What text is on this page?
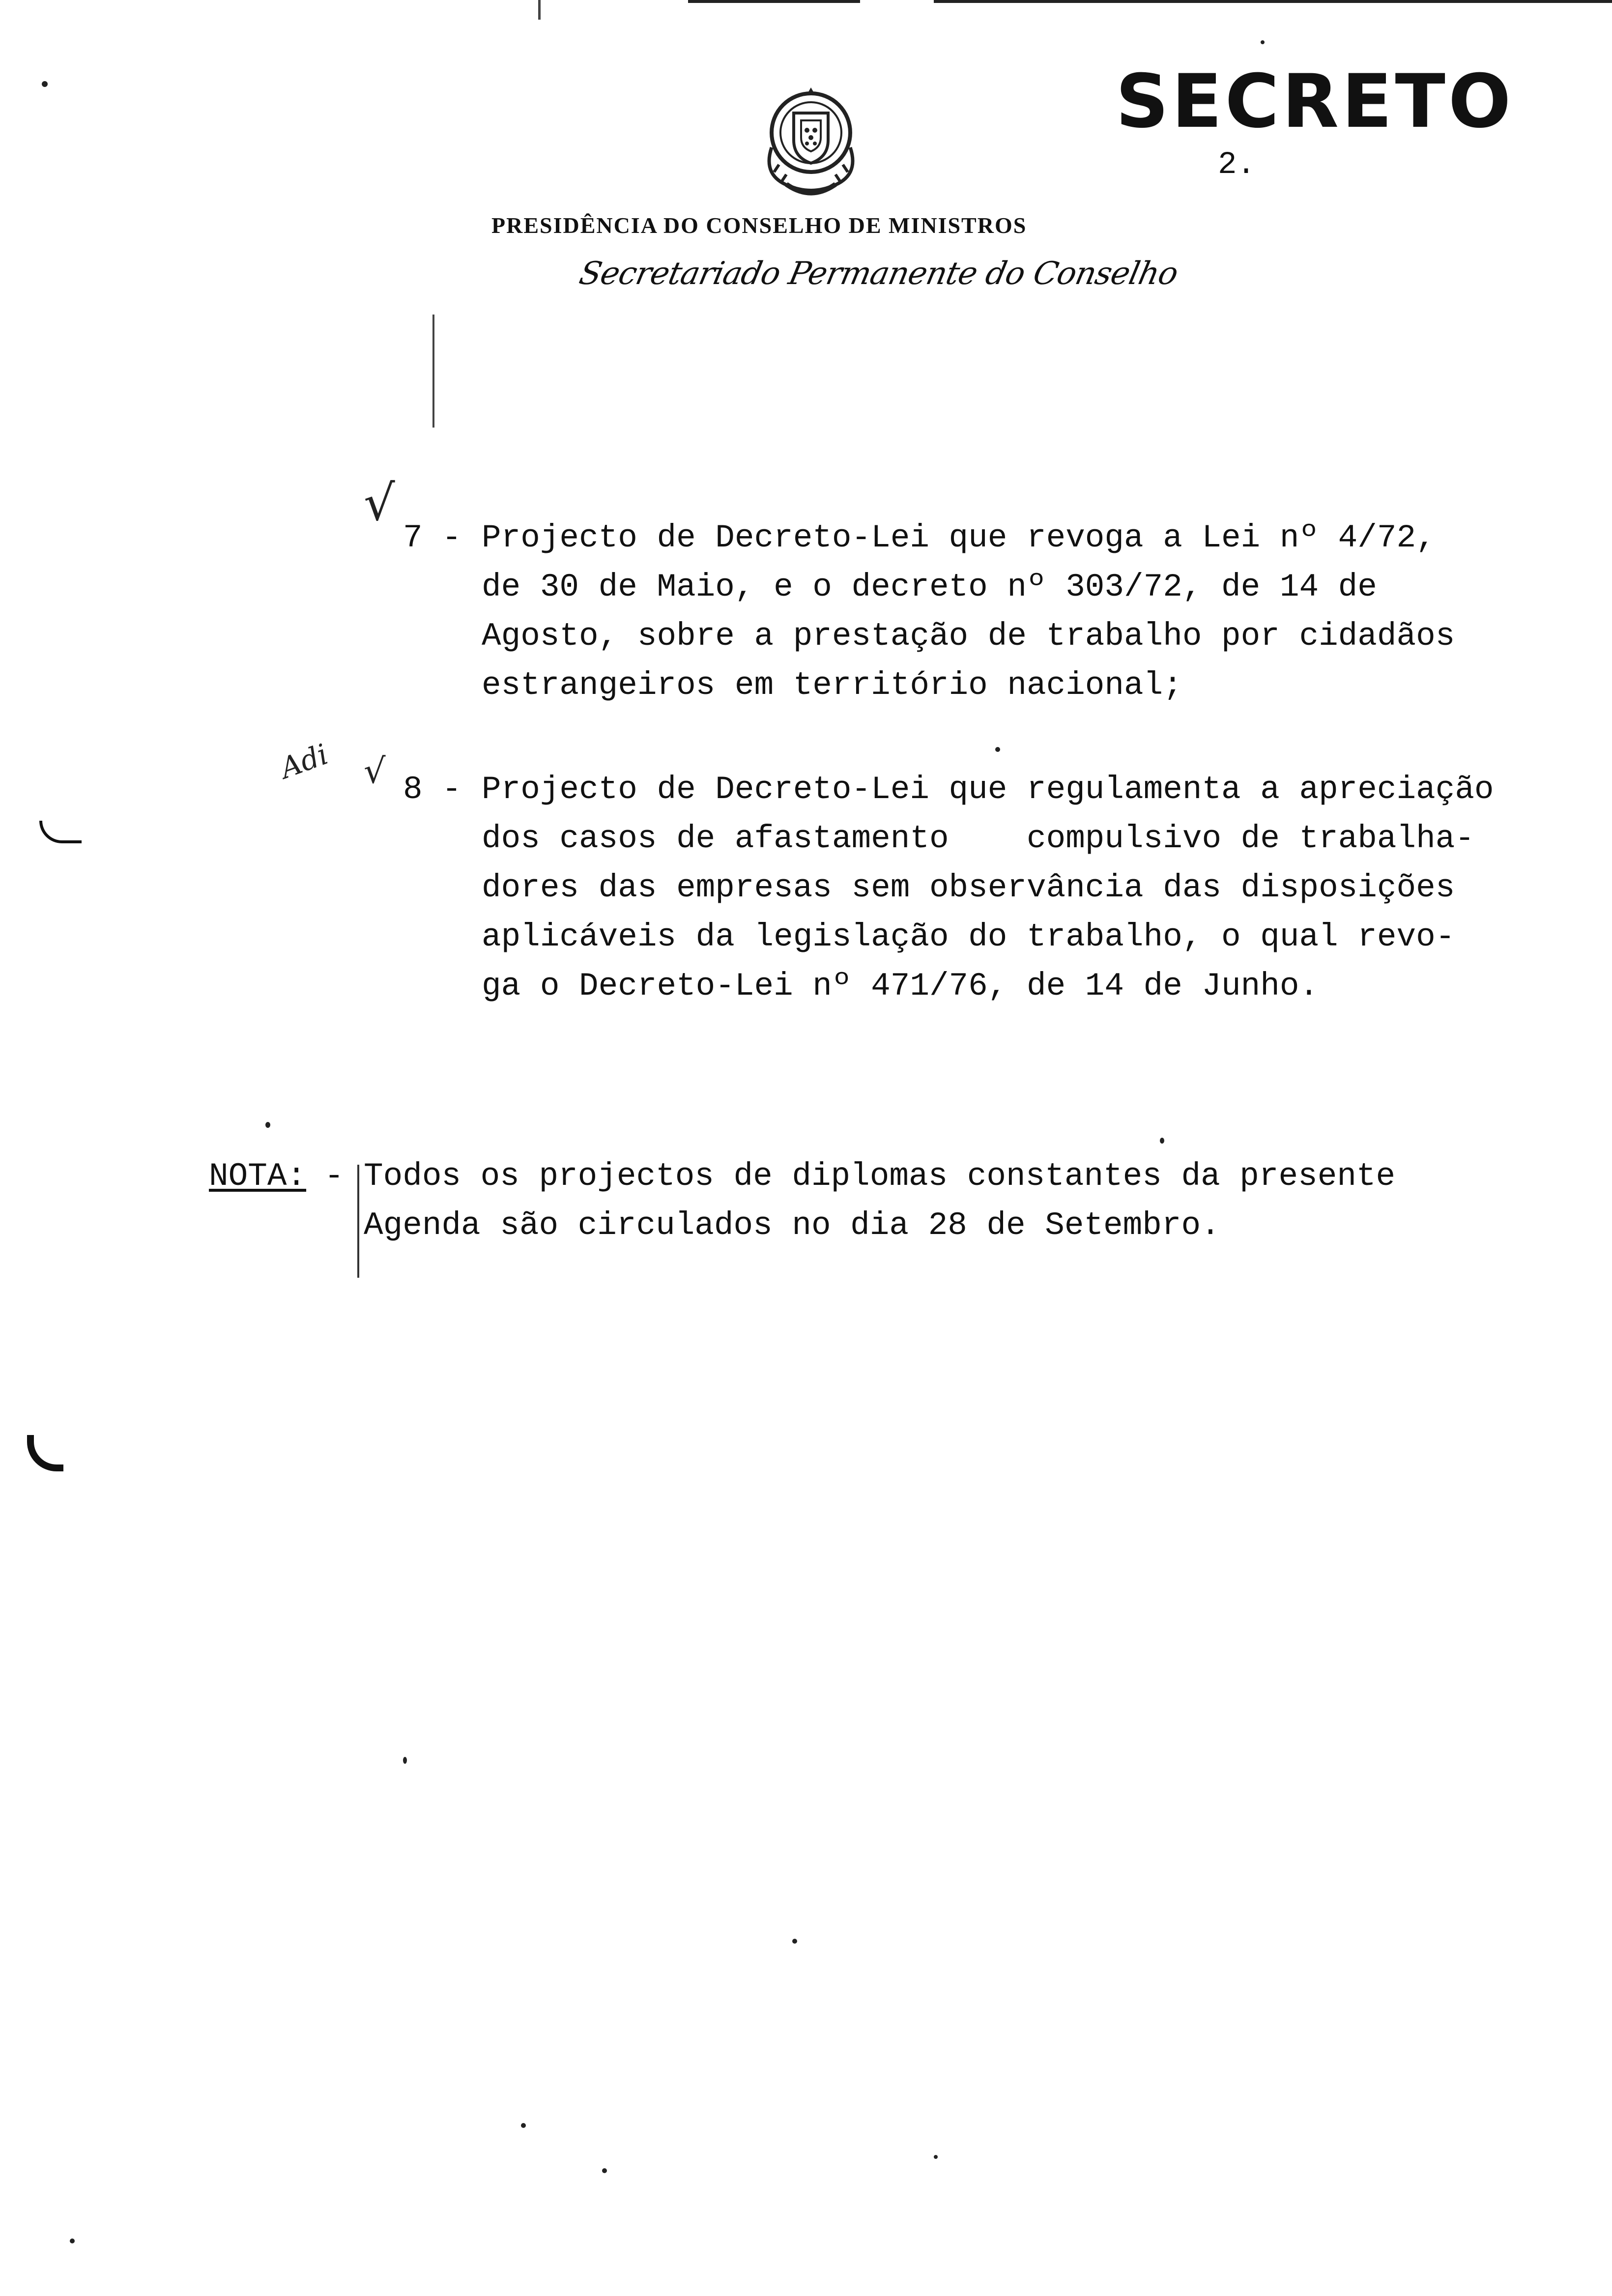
SECRETO
2.
PRESIDÊNCIA DO CONSELHO DE MINISTROS
Secretariado Permanente do Conselho
√
√
Adi

7 -

Projecto de Decreto-Lei que revoga a Lei nº 4/72,

de 30 de Maio, e o decreto nº 303/72, de 14 de

Agosto, sobre a prestação de trabalho por cidadãos

estrangeiros em território nacional;

8 -

Projecto de Decreto-Lei que regulamenta a apreciação

dos casos de afastamento    compulsivo de trabalha-

dores das empresas sem observância das disposições

aplicáveis da legislação do trabalho, o qual revo-

ga o Decreto-Lei nº 471/76, de 14 de Junho.

NOTA: - Todos os projectos de diplomas constantes da presente
Agenda são circulados no dia 28 de Setembro.
